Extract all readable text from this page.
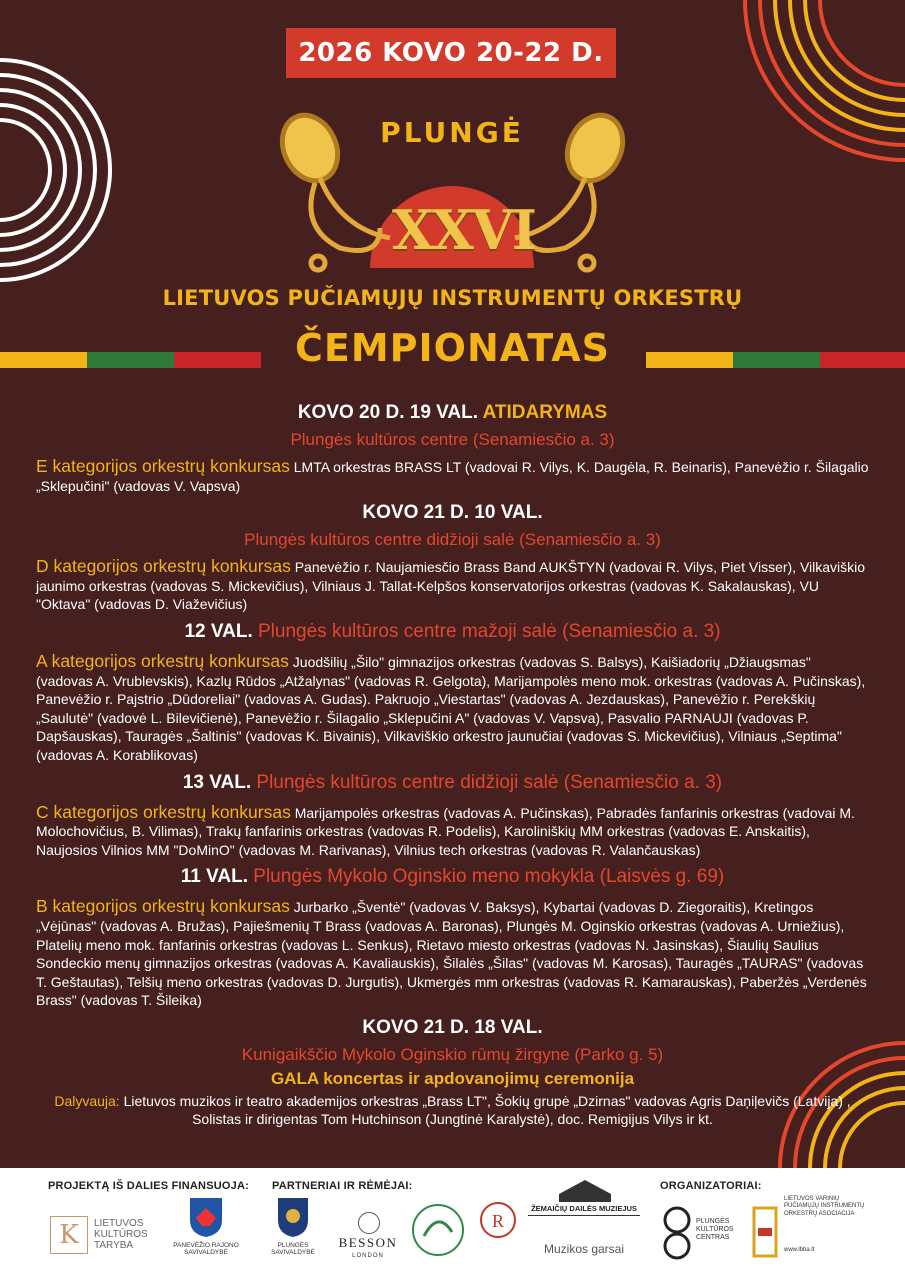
2026 KOVO 20-22 D.
PLUNGĖ
XXVI
LIETUVOS PUČIAMŲJŲ INSTRUMENTŲ ORKESTRŲ
ČEMPIONATAS
KOVO 20 D. 19 VAL. ATIDARYMAS
Plungės kultūros centre (Senamiesčio a. 3)

E kategorijos orkestrų konkursas LMTA orkestras BRASS LT (vadovai R. Vilys, K. Daugėla, R. Beinaris), Panevėžio r. Šilagalio „Sklepučini" (vadovas V. Vapsva)

KOVO 21 D. 10 VAL.
Plungės kultūros centre didžioji salė (Senamiesčio a. 3)

D kategorijos orkestrų konkursas Panevėžio r. Naujamiesčio Brass Band AUKŠTYN (vadovai R. Vilys, Piet Visser), Vilkaviškio jaunimo orkestras (vadovas S. Mickevičius), Vilniaus J. Tallat-Kelpšos konservatorijos orkestras (vadovas K. Sakalauskas), VU "Oktava" (vadovas D. Viaževičius)

12 VAL. Plungės kultūros centre mažoji salė (Senamiesčio a. 3)

A kategorijos orkestrų konkursas Juodšilių „Šilo" gimnazijos orkestras (vadovas S. Balsys), Kaišiadorių „Džiaugsmas" (vadovas A. Vrublevskis), Kazlų Rūdos „Atžalynas" (vadovas R. Gelgota), Marijampolės meno mok. orkestras (vadovas A. Pučinskas), Panevėžio r. Pajstrio „Dūdoreliai" (vadovas A. Gudas). Pakruojo „Viestartas" (vadovas A. Jezdauskas), Panevėžio r. Perekškių „Saulutė" (vadovė L. Bilevičienė), Panevėžio r. Šilagalio „Sklepučini A" (vadovas V. Vapsva), Pasvalio PARNAUJI (vadovas P. Dapšauskas), Tauragės „Šaltinis" (vadovas K. Bivainis), Vilkaviškio orkestro jaunučiai (vadovas S. Mickevičius), Vilniaus „Septima" (vadovas A. Korablikovas)

13 VAL. Plungės kultūros centre didžioji salė (Senamiesčio a. 3)

C kategorijos orkestrų konkursas Marijampolės orkestras (vadovas A. Pučinskas), Pabradės fanfarinis orkestras (vadovai M. Molochovičius, B. Vilimas), Trakų fanfarinis orkestras (vadovas R. Podelis), Karoliniškių MM orkestras (vadovas E. Anskaitis), Naujosios Vilnios MM "DoMinO" (vadovas M. Rarivanas), Vilnius tech orkestras (vadovas R. Valančauskas)

11 VAL. Plungės Mykolo Oginskio meno mokykla (Laisvės g. 69)

B kategorijos orkestrų konkursas Jurbarko „Šventė" (vadovas V. Baksys), Kybartai (vadovas D. Ziegoraitis), Kretingos „Vėjūnas" (vadovas A. Bružas), Pajiešmenių T Brass (vadovas A. Baronas), Plungės M. Oginskio orkestras (vadovas A. Urniežius), Platelių meno mok. fanfarinis orkestras (vadovas L. Senkus), Rietavo miesto orkestras (vadovas N. Jasinskas), Šiaulių Saulius Sondeckio menų gimnazijos orkestras (vadovas A. Kavaliauskis), Šilalės „Šilas" (vadovas M. Karosas), Tauragės „TAURAS" (vadovas T. Geštautas), Telšių meno orkestras (vadovas D. Jurgutis), Ukmergės mm orkestras (vadovas R. Kamarauskas), Paberžės „Verdenės Brass" (vadovas T. Šileika)

KOVO 21 D. 18 VAL.
Kunigaikščio Mykolo Oginskio rūmų žirgyne (Parko g. 5)
GALA koncertas ir apdovanojimų ceremonija

Dalyvauja: Lietuvos muzikos ir teatro akademijos orkestras „Brass LT", Šokių grupė „Dzirnas" vadovas Agris Daņiļevičs (Latvija) , Solistas ir dirigentas Tom Hutchinson (Jungtinė Karalystė), doc. Remigijus Vilys ir kt.

PROJEKTĄ IŠ DALIES FINANSUOJA: PARTNERIAI IR RĖMĖJAI:	ORGANIZATORIAI:
K	LIETUVOS KULTŪROS TARYBA	PANEVĖŽIO RAJONO SAVIVALDYBĖ
PLUNGĖS SAVIVALDYBĖ
BESSON
LONDON
R
ŽEMAIČIŲ DAILĖS MUZIEJUS
Muzikos garsai
PLUNGĖS KULTŪROS CENTRAS
LIETUVOS VARINIŲ PUČIAMŲJŲ INSTRUMENTŲ ORKESTRŲ ASOCIACIJA
www.lbba.lt
